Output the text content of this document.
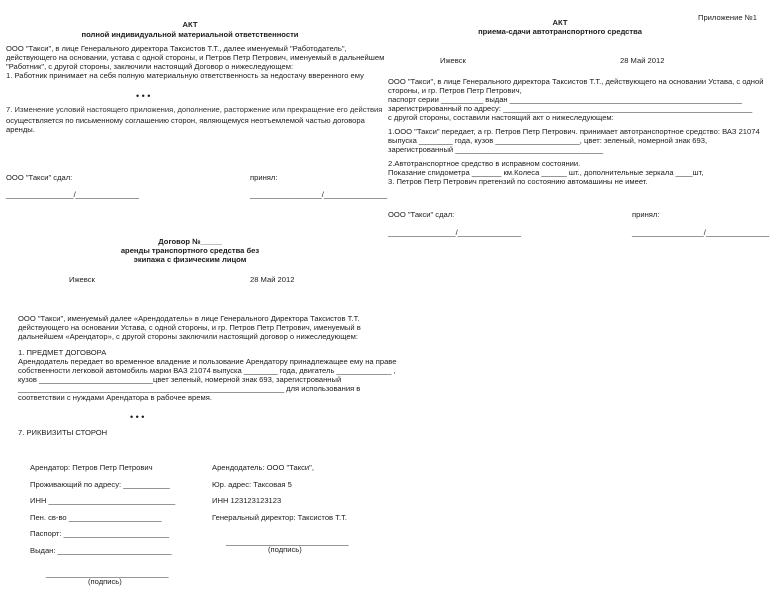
АКТ
полной индивидуальной материальной ответственности
ООО "Такси", в лице Генерального директора Таксистов Т.Т., далее именуемый "Работодатель",
действующего на основании, устава с одной стороны, и Петров Петр Петрович, именуемый в дальнейшем
"Работник", с другой стороны, заключили настоящий Договор о нижеследующем:
1. Работник принимает на себя полную материальную ответственность за недостачу вверенного ему
• • •
7. Изменение условий настоящего приложения, дополнение, расторжение или прекращение его действия
осуществляется по письменному соглашению сторон, являющемуся неотъемлемой частью договора
аренды.
ООО "Такси" сдал:	принял:
________________/_______________	_________________/_______________
Договор №_____
аренды транспортного средства без
экипажа с физическим лицом
Ижевск	28 Май 2012
ООО "Такси", именуемый далее «Арендодатель» в лице Генерального Директора Таксистов Т.Т.
действующего на основании Устава, с одной стороны, и гр. Петров Петр Петрович, именуемый в
дальнейшем «Арендатор», с другой стороны заключили настоящий договор о нижеследующем:
1. ПРЕДМЕТ ДОГОВОРА
Арендодатель передает во временное владение и пользование Арендатору принадлежащее ему на праве
собственности легковой автомобиль марки ВАЗ 21074 выпуска ________ года, двигатель _____________ ,
кузов ___________________________цвет зеленый, номерной знак 693, зарегистрованный
_______________________________________________________________ для использования в
соответствии с нуждами Арендатора в рабочее время.
• • •
7. РИКВИЗИТЫ СТОРОН
Арендатор: Петров Петр Петрович	Арендодатель: ООО "Такси",
Проживающий по адресу: ___________	Юр. адрес: Таксовая 5
ИНН ______________________________	ИНН 123123123123
Пен. св-во ______________________	Генеральный директор: Таксистов Т.Т.
Паспорт: _________________________
_____________________________
(подпись)
Выдан: ___________________________
_____________________________
(подпись)
Приложение №1
АКТ
приема-сдачи автотранспортного средства
Ижевск	28 Май 2012
ООО "Такси", в лице Генерального директора Таксистов Т.Т., действующего на основании Устава, с одной
стороны, и гр. Петров Петр Петрович,
паспорт серии __________ выдан _______________________________________________________
зарегистрированный по адресу: ___________________________________________________________
с другой стороны, составили настоящий акт о нижеследующем:
1.ООО "Такси" передает, а гр. Петров Петр Петрович. принимает автотранспортное средство: ВАЗ 21074
выпуска ________ года, кузов ____________________, цвет: зеленый, номерной знак 693,
зарегистрованный ___________________________________
2.Автотранспортное средство в исправном состоянии.
Показание спидометра _______ км.Колеса ______ шт., дополнительные зеркала ____шт,
3. Петров Петр Петрович претензий по состоянию автомашины не имеет.
ООО "Такси" сдал:	принял:
________________/_______________	_________________/_______________
